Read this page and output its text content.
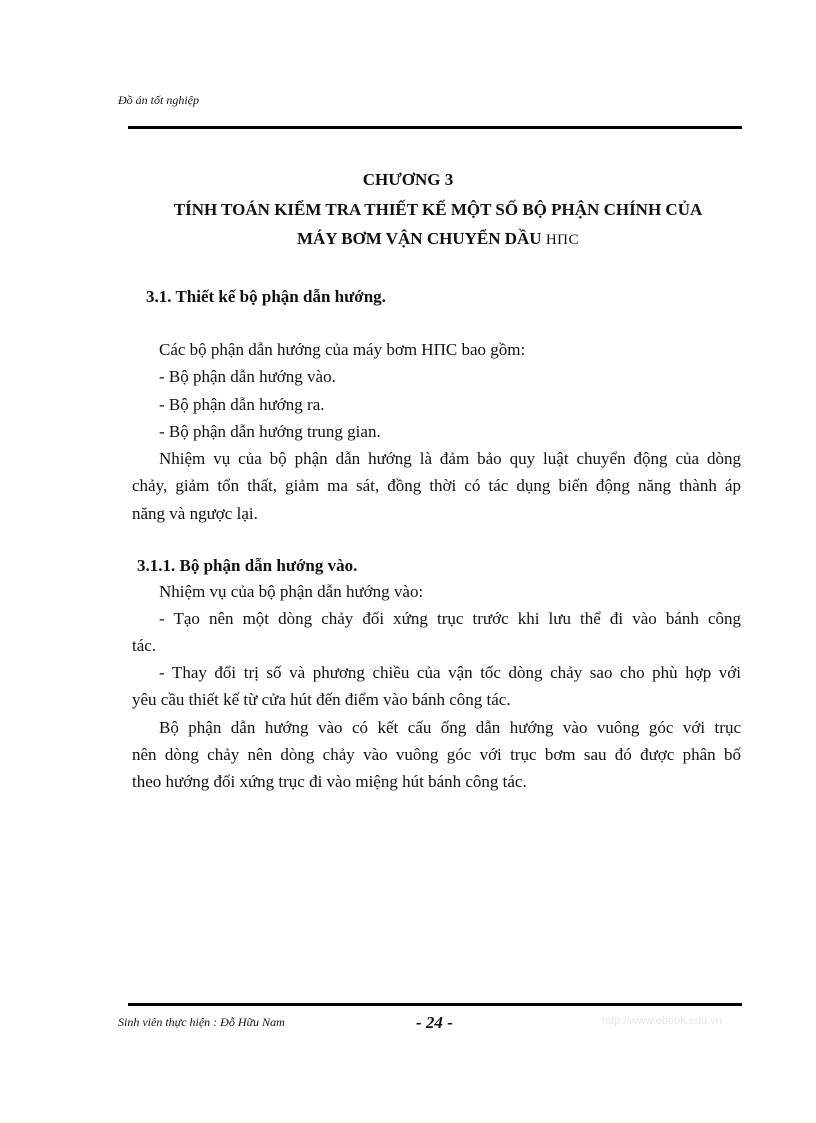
Đồ án tốt nghiệp
CHƯƠNG 3
TÍNH TOÁN KIỂM TRA THIẾT KẾ MỘT SỐ BỘ PHẬN CHÍNH CỦA
MÁY BƠM VẬN CHUYỂN DẦU НПС
3.1. Thiết kế bộ phận dẫn hướng.
Các bộ phận dẫn hướng của máy bơm НПС bao gồm:
- Bộ phận dẫn hướng vào.
- Bộ phận dẫn hướng ra.
- Bộ phận dẫn hướng trung gian.
Nhiệm vụ của bộ phận dẫn hướng là đảm bảo quy luật chuyển động của dòng
chảy, giảm tổn thất, giảm ma sát, đồng thời có tác dụng biến động năng thành áp
năng và ngược lại.
3.1.1. Bộ phận dẫn hướng vào.
Nhiệm vụ của bộ phận dẫn hướng vào:
- Tạo nên một dòng chảy đối xứng trục trước khi lưu thể đi vào bánh công
tác.
- Thay đổi trị số và phương chiều của vận tốc dòng chảy sao cho phù hợp với
yêu cầu thiết kế từ cửa hút đến điểm vào bánh công tác.
Bộ phận dẫn hướng vào có kết cấu ống dẫn hướng vào vuông góc với trục
nên dòng chảy nên dòng chảy vào vuông góc với trục bơm sau đó được phân bố
theo hướng đối xứng trục đi vào miệng hút bánh công tác.
Sinh viên thực hiện : Đỗ Hữu Nam	- 24 -	http://www.ebook.edu.vn
